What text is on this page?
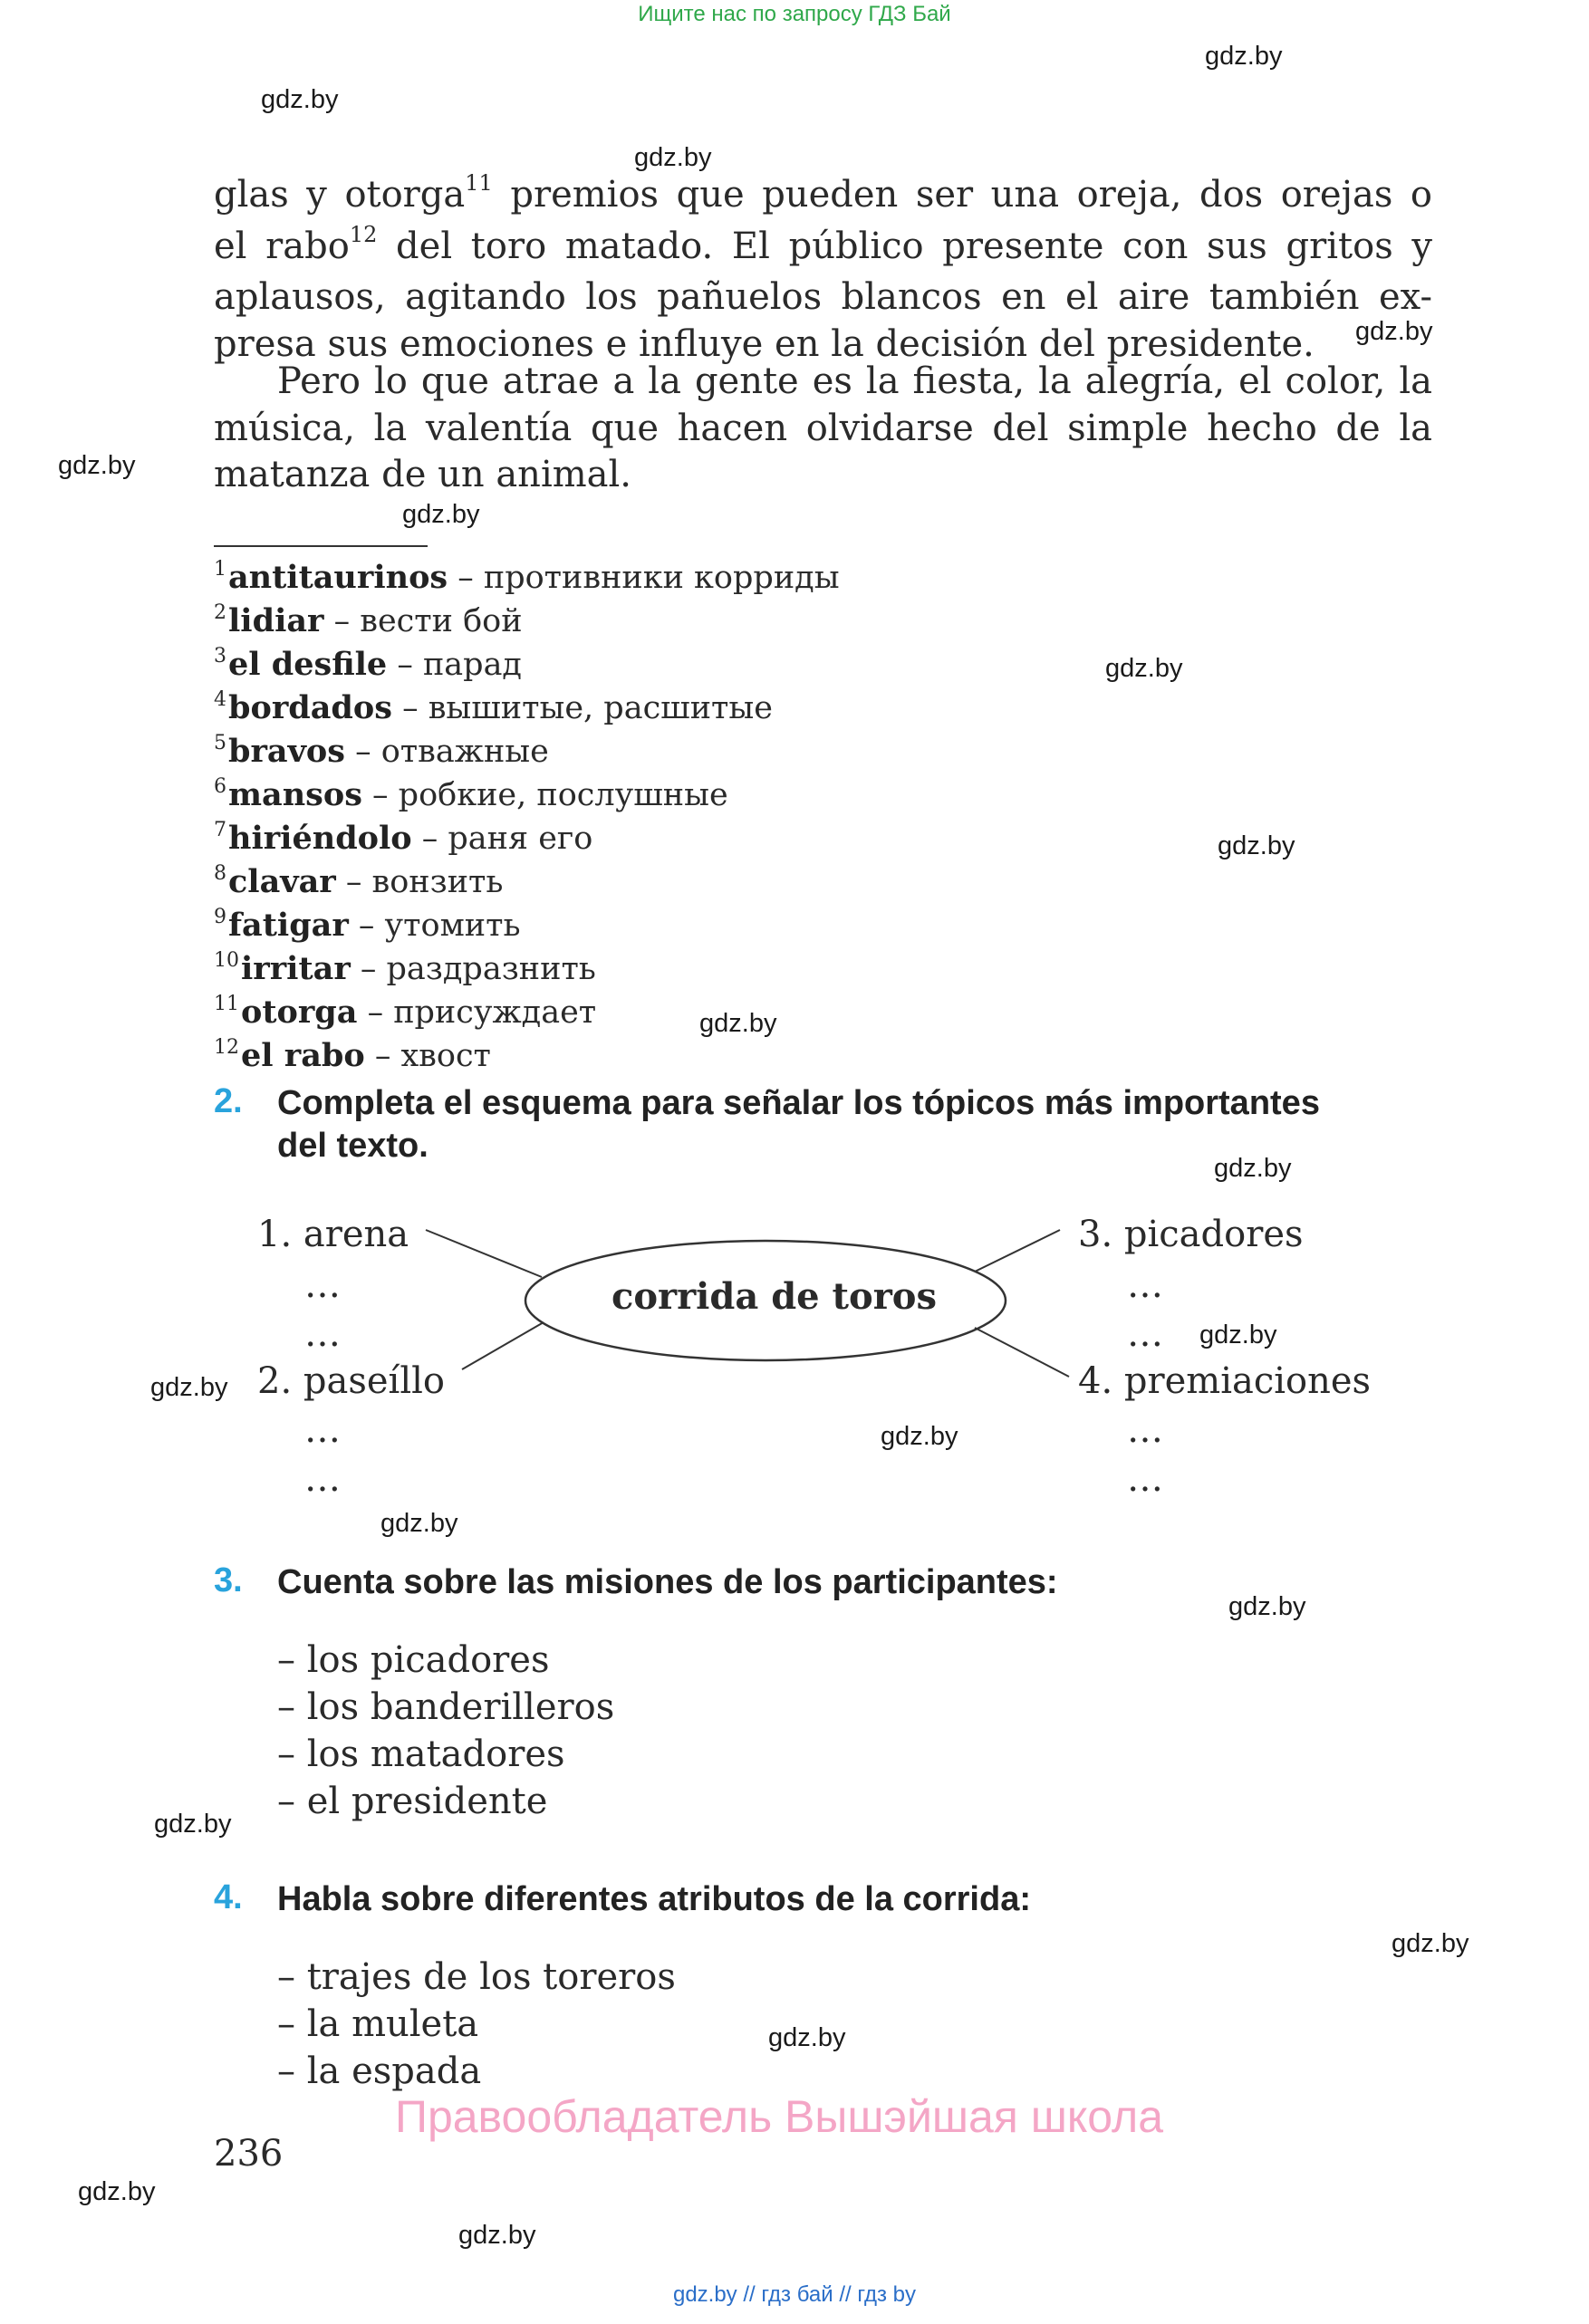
Ищите нас по запросу ГДЗ Бай
gdz.by
gdz.by
gdz.by
gdz.by
gdz.by
gdz.by
gdz.by
gdz.by
gdz.by
gdz.by
gdz.by
gdz.by
gdz.by
gdz.by
gdz.by
gdz.by
gdz.by
gdz.by
gdz.by
gdz.by
glas y otorga$^{11}$ premios que pueden ser una oreja, dos orejas o
el rabo$^{12}$ del toro matado. El público presente con sus gritos y
aplausos, agitando los pañuelos blancos en el aire también ex-
presa sus emociones e influye en la decisión del presidente.
Pero lo que atrae a la gente es la fiesta, la alegría, el color, la
música, la valentía que hacen olvidarse del simple hecho de la
matanza de un animal.
$^1$antitaurinos – противники корриды
$^2$lidiar – вести бой
$^3$el desfile – парад
$^4$bordados – вышитые, расшитые
$^5$bravos – отважные
$^6$mansos – робкие, послушные
$^7$hiriéndolo – раня его
$^8$clavar – вонзить
$^9$fatigar – утомить
$^{10}$irritar – раздразнить
$^{11}$otorga – присуждает
$^{12}$el rabo – хвост
2. Completa el esquema para señalar los tópicos más importantes
del texto.
corrida de toros
1. arena
…
…
2. paseíllo
…
…
3. picadores
…
…
4. premiaciones
…
…
3. Cuenta sobre las misiones de los participantes:
– los picadores
– los banderilleros
– los matadores
– el presidente
4. Habla sobre diferentes atributos de la corrida:
– trajes de los toreros
– la muleta
– la espada
Правообладатель Вышэйшая школа
236
gdz.by // гдз бай // гдз by
